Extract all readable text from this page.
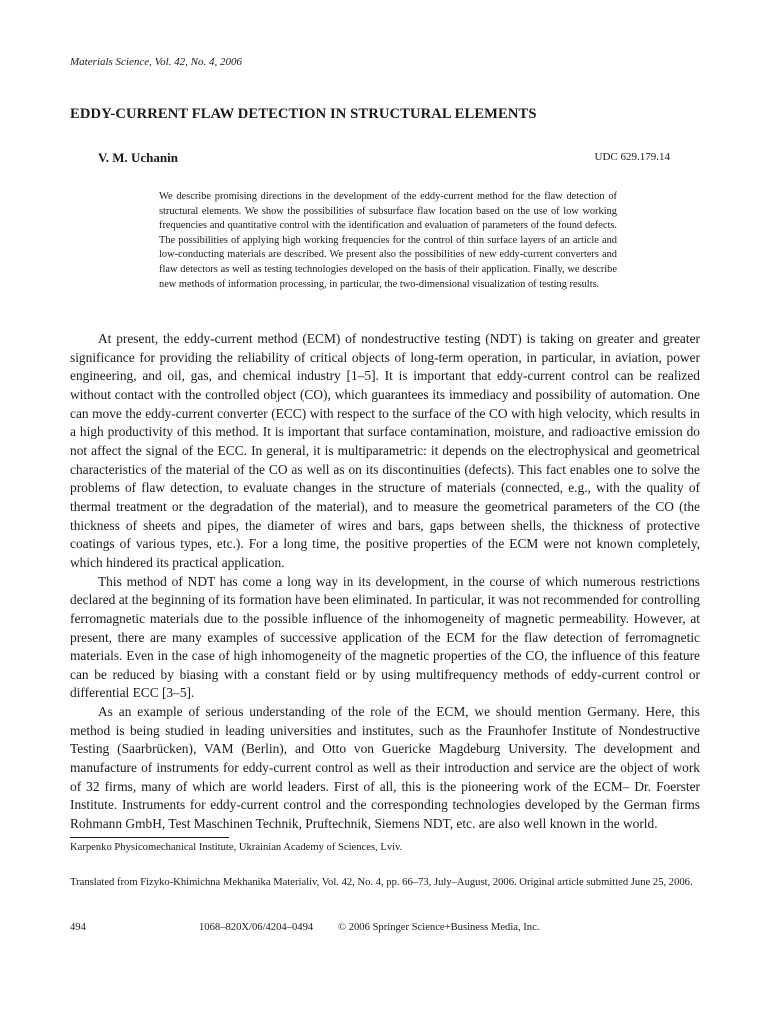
Materials Science, Vol. 42, No. 4, 2006
EDDY-CURRENT FLAW DETECTION IN STRUCTURAL ELEMENTS
V. M. Uchanin	UDC 629.179.14
We describe promising directions in the development of the eddy-current method for the flaw detection of structural elements. We show the possibilities of subsurface flaw location based on the use of low working frequencies and quantitative control with the identification and evaluation of parameters of the found defects. The possibilities of applying high working frequencies for the control of thin surface layers of an article and low-conducting materials are described. We present also the possibilities of new eddy-current converters and flaw detectors as well as testing technologies developed on the basis of their application. Finally, we describe new methods of information processing, in particular, the two-dimensional visualization of testing results.

At present, the eddy-current method (ECM) of nondestructive testing (NDT) is taking on greater and greater significance for providing the reliability of critical objects of long-term operation, in particular, in aviation, power engineering, and oil, gas, and chemical industry [1–5]. It is important that eddy-current control can be realized without contact with the controlled object (CO), which guarantees its immediacy and possibility of automation. One can move the eddy-current converter (ECC) with respect to the surface of the CO with high velocity, which results in a high productivity of this method. It is important that surface contamination, moisture, and radioactive emission do not affect the signal of the ECC. In general, it is multiparametric: it depends on the electrophysical and geometrical characteristics of the material of the CO as well as on its discontinuities (defects). This fact enables one to solve the problems of flaw detection, to evaluate changes in the structure of materials (connected, e.g., with the quality of thermal treatment or the degradation of the material), and to measure the geometrical parameters of the CO (the thickness of sheets and pipes, the diameter of wires and bars, gaps between shells, the thickness of protective coatings of various types, etc.). For a long time, the positive properties of the ECM were not known completely, which hindered its practical application.

This method of NDT has come a long way in its development, in the course of which numerous restrictions declared at the beginning of its formation have been eliminated. In particular, it was not recommended for controlling ferromagnetic materials due to the possible influence of the inhomogeneity of magnetic permeability. However, at present, there are many examples of successive application of the ECM for the flaw detection of ferromagnetic materials. Even in the case of high inhomogeneity of the magnetic properties of the CO, the influence of this feature can be reduced by biasing with a constant field or by using multifrequency methods of eddy-current control or differential ECC [3–5].

As an example of serious understanding of the role of the ECM, we should mention Germany. Here, this method is being studied in leading universities and institutes, such as the Fraunhofer Institute of Nondestructive Testing (Saarbrücken), VAM (Berlin), and Otto von Guericke Magdeburg University. The development and manufacture of instruments for eddy-current control as well as their introduction and service are the object of work of 32 firms, many of which are world leaders. First of all, this is the pioneering work of the ECM– Dr. Foerster Institute. Instruments for eddy-current control and the corresponding technologies developed by the German firms Rohmann GmbH, Test Maschinen Technik, Pruftechnik, Siemens NDT, etc. are also well known in the world.

Karpenko Physicomechanical Institute, Ukrainian Academy of Sciences, Lviv.
Translated from Fizyko-Khimichna Mekhanika Materialiv, Vol. 42, No. 4, pp. 66–73, July–August, 2006. Original article submitted June 25, 2006.
494	1068–820X/06/4204–0494 © 2006 Springer Science+Business Media, Inc.
